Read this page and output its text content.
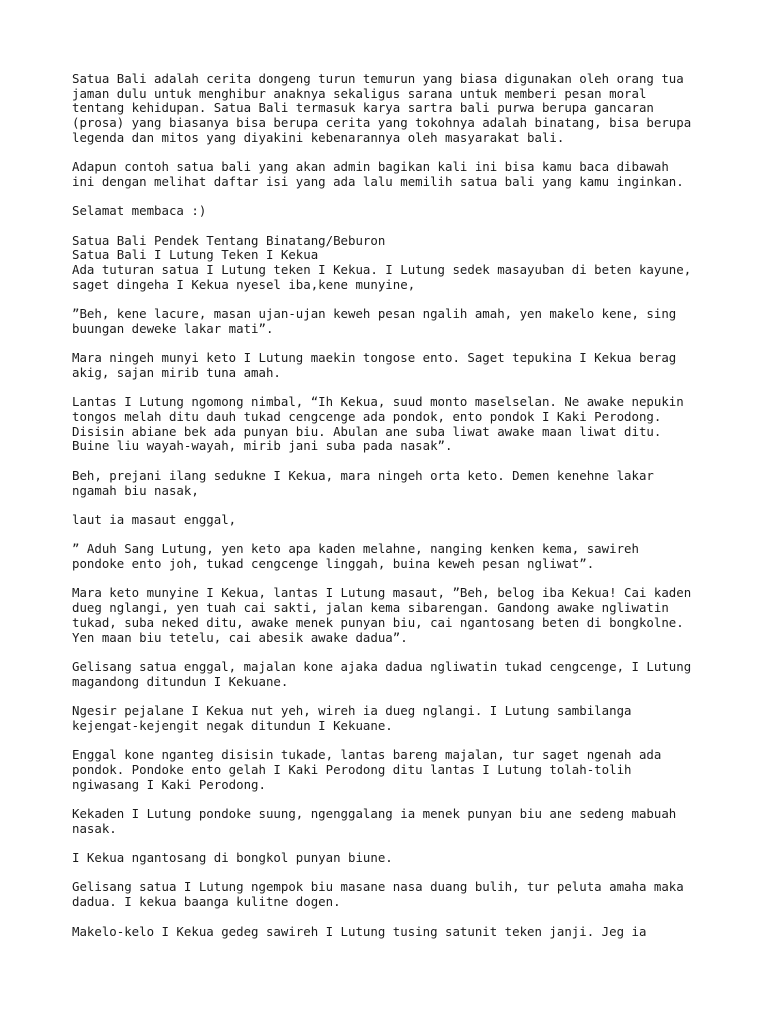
Satua Bali adalah cerita dongeng turun temurun yang biasa digunakan oleh orang tua
jaman dulu untuk menghibur anaknya sekaligus sarana untuk memberi pesan moral
tentang kehidupan. Satua Bali termasuk karya sartra bali purwa berupa gancaran
(prosa) yang biasanya bisa berupa cerita yang tokohnya adalah binatang, bisa berupa
legenda dan mitos yang diyakini kebenarannya oleh masyarakat bali.
Adapun contoh satua bali yang akan admin bagikan kali ini bisa kamu baca dibawah
ini dengan melihat daftar isi yang ada lalu memilih satua bali yang kamu inginkan.
Selamat membaca :)
Satua Bali Pendek Tentang Binatang/Beburon
Satua Bali I Lutung Teken I Kekua
Ada tuturan satua I Lutung teken I Kekua. I Lutung sedek masayuban di beten kayune,
saget dingeha I Kekua nyesel iba,kene munyine,
”Beh, kene lacure, masan ujan-ujan keweh pesan ngalih amah, yen makelo kene, sing
buungan deweke lakar mati”.
Mara ningeh munyi keto I Lutung maekin tongose ento. Saget tepukina I Kekua berag
akig, sajan mirib tuna amah.
Lantas I Lutung ngomong nimbal, “Ih Kekua, suud monto maselselan. Ne awake nepukin
tongos melah ditu dauh tukad cengcenge ada pondok, ento pondok I Kaki Perodong.
Disisin abiane bek ada punyan biu. Abulan ane suba liwat awake maan liwat ditu.
Buine liu wayah-wayah, mirib jani suba pada nasak”.
Beh, prejani ilang sedukne I Kekua, mara ningeh orta keto. Demen kenehne lakar
ngamah biu nasak,
laut ia masaut enggal,
” Aduh Sang Lutung, yen keto apa kaden melahne, nanging kenken kema, sawireh
pondoke ento joh, tukad cengcenge linggah, buina keweh pesan ngliwat”.
Mara keto munyine I Kekua, lantas I Lutung masaut, ”Beh, belog iba Kekua! Cai kaden
dueg nglangi, yen tuah cai sakti, jalan kema sibarengan. Gandong awake ngliwatin
tukad, suba neked ditu, awake menek punyan biu, cai ngantosang beten di bongkolne.
Yen maan biu tetelu, cai abesik awake dadua”.
Gelisang satua enggal, majalan kone ajaka dadua ngliwatin tukad cengcenge, I Lutung
magandong ditundun I Kekuane.
Ngesir pejalane I Kekua nut yeh, wireh ia dueg nglangi. I Lutung sambilanga
kejengat-kejengit negak ditundun I Kekuane.
Enggal kone nganteg disisin tukade, lantas bareng majalan, tur saget ngenah ada
pondok. Pondoke ento gelah I Kaki Perodong ditu lantas I Lutung tolah-tolih
ngiwasang I Kaki Perodong.
Kekaden I Lutung pondoke suung, ngenggalang ia menek punyan biu ane sedeng mabuah
nasak.
I Kekua ngantosang di bongkol punyan biune.
Gelisang satua I Lutung ngempok biu masane nasa duang bulih, tur peluta amaha maka
dadua. I kekua baanga kulitne dogen.
Makelo-kelo I Kekua gedeg sawireh I Lutung tusing satunit teken janji. Jeg ia
